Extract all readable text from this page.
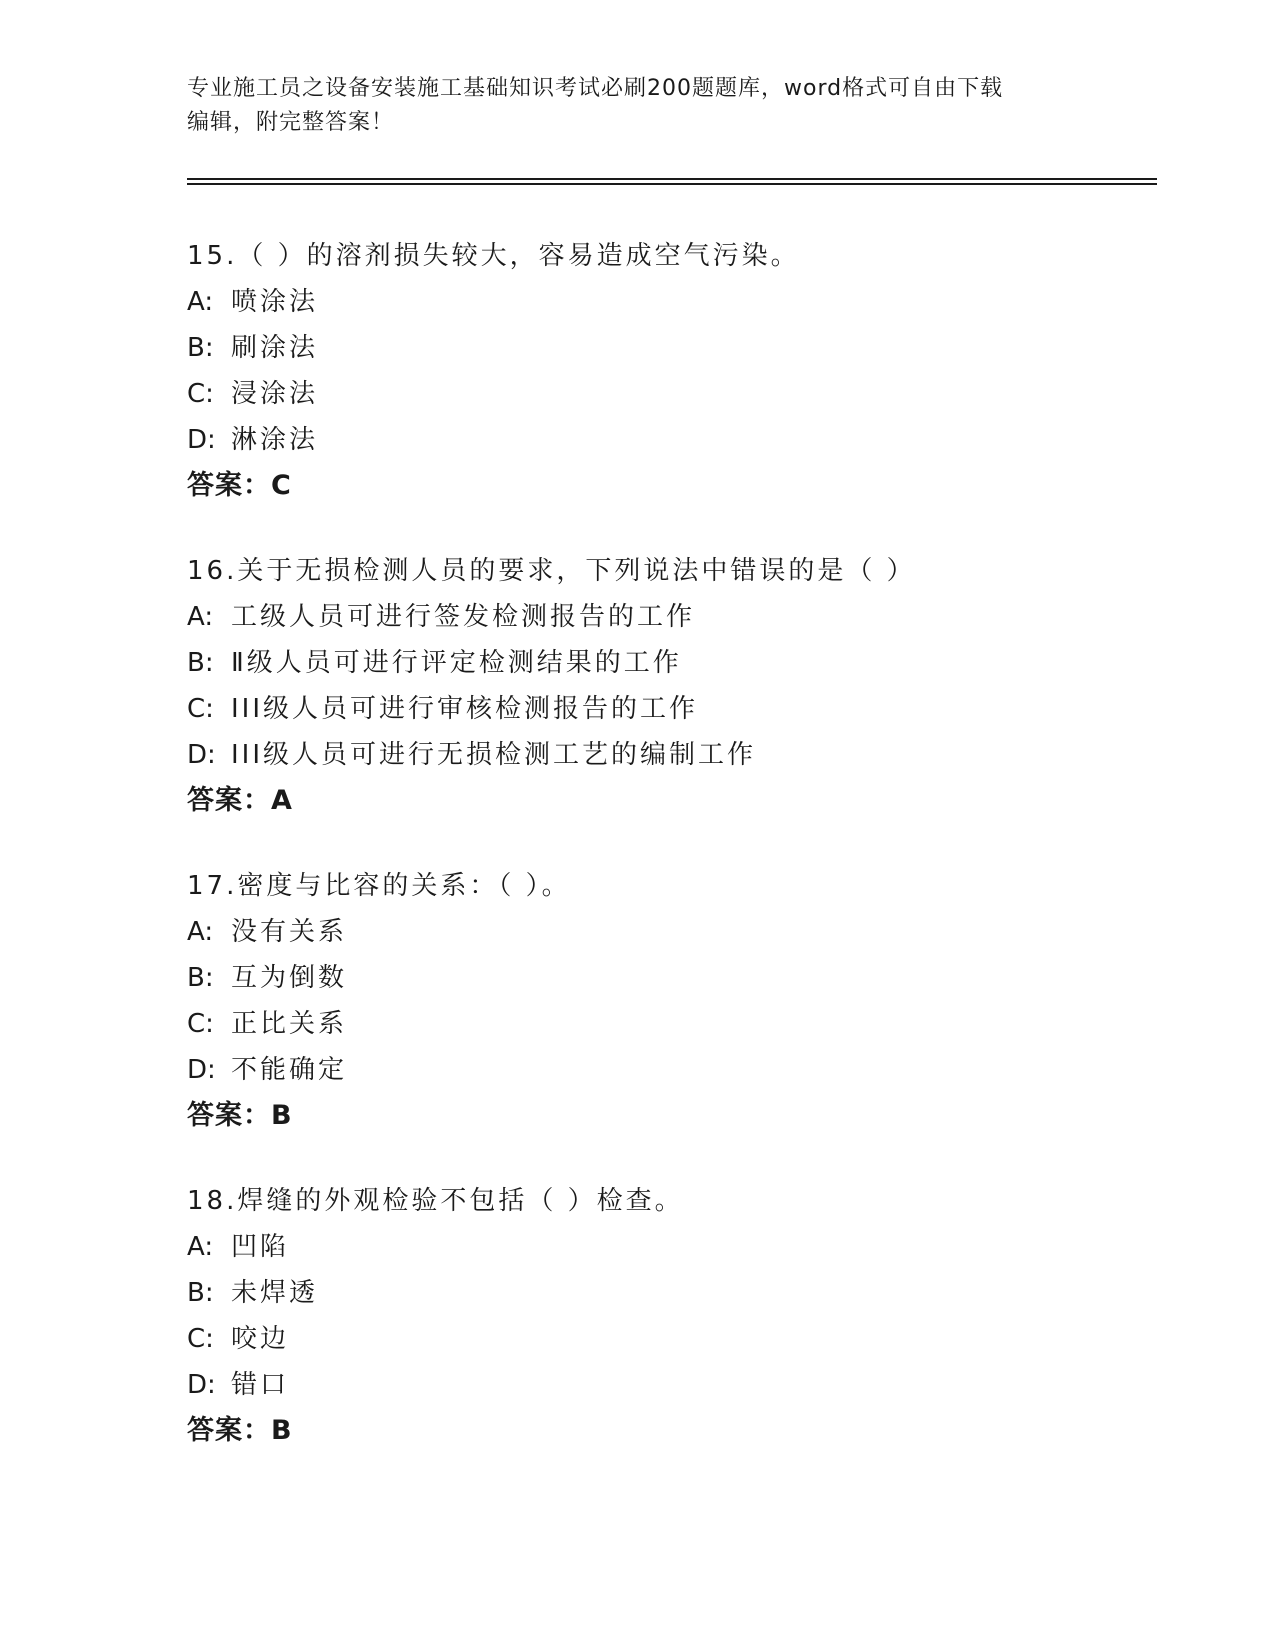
专业施工员之设备安装施工基础知识考试必刷200题题库，word格式可自由下载
编辑，附完整答案！
15.（ ）的溶剂损失较大，容易造成空气污染。
A: 喷涂法
B: 刷涂法
C: 浸涂法
D: 淋涂法
答案：C
16.关于无损检测人员的要求，下列说法中错误的是（ ）
A: 工级人员可进行签发检测报告的工作
B: Ⅱ级人员可进行评定检测结果的工作
C: III级人员可进行审核检测报告的工作
D: III级人员可进行无损检测工艺的编制工作
答案：A
17.密度与比容的关系：（ ）。
A: 没有关系
B: 互为倒数
C: 正比关系
D: 不能确定
答案：B
18.焊缝的外观检验不包括（ ）检查。
A: 凹陷
B: 未焊透
C: 咬边
D: 错口
答案：B
